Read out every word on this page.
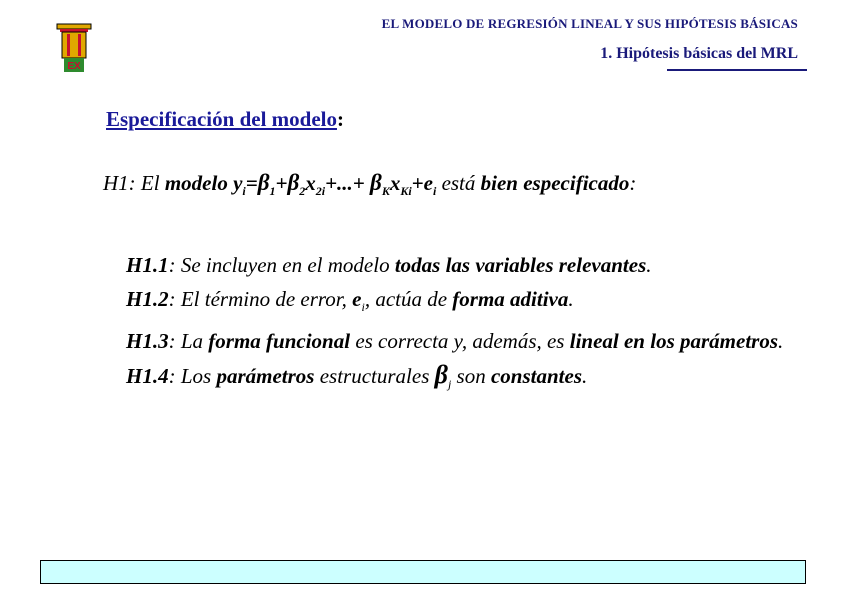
EX
EL MODELO DE REGRESIÓN LINEAL Y SUS HIPÓTESIS BÁSICAS
1. Hipótesis básicas del MRL
Especificación del modelo:
H1: El modelo $y_i=\beta_1+\beta_2x_{2i}+...+ \beta_Kx_{Ki}+e_i$ está bien especificado:

H1.1: Se incluyen en el modelo todas las variables relevantes.

H1.2: El término de error, $e_i$, actúa de forma aditiva.

H1.3: La forma funcional es correcta y, además, es lineal en los parámetros.

H1.4: Los parámetros estructurales $\beta_j$ son constantes.
